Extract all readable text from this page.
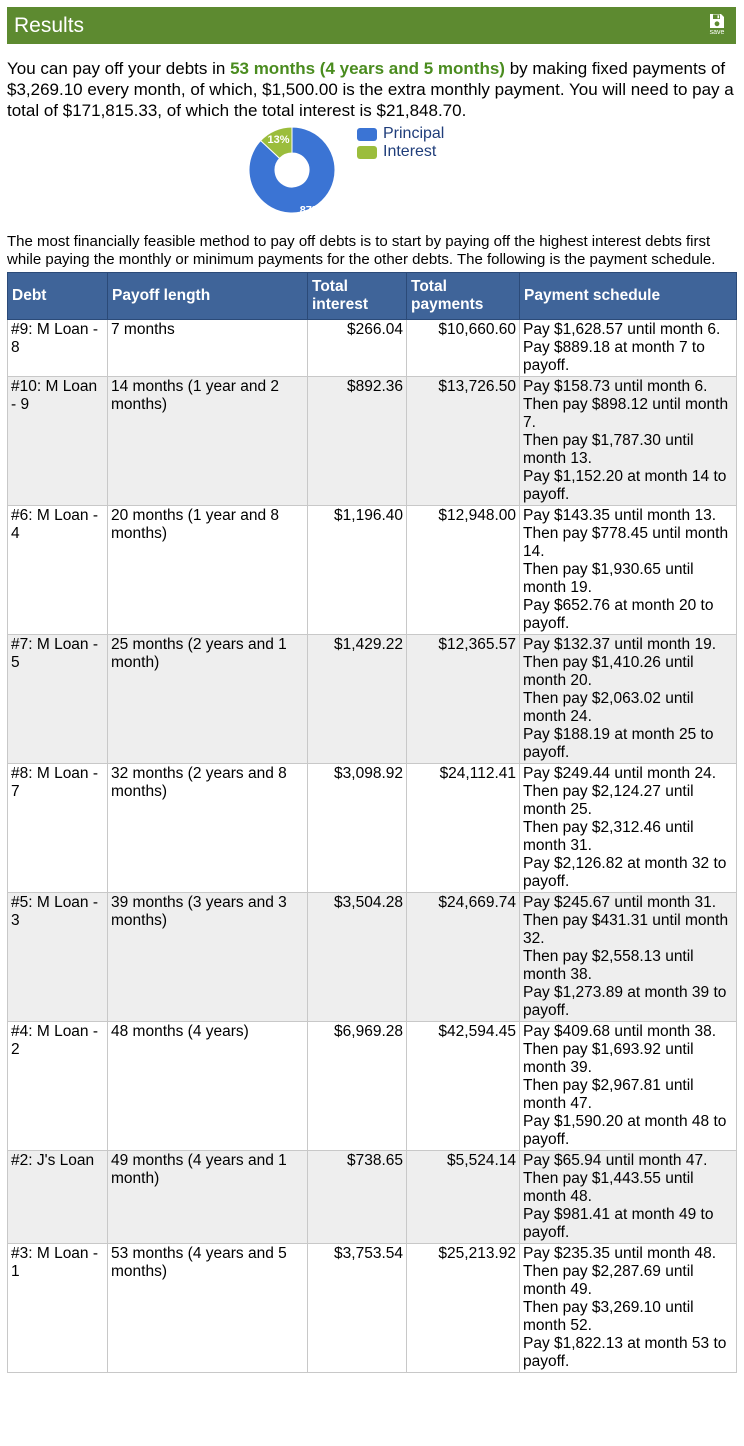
Results	save
You can pay off your debts in 53 months (4 years and 5 months) by making fixed payments of $3,269.10 every month, of which, $1,500.00 is the extra monthly payment. You will need to pay a total of $171,815.33, of which the total interest is $21,848.70.
87%
13%	Principal
Interest
The most financially feasible method to pay off debts is to start by paying off the highest interest debts first while paying the monthly or minimum payments for the other debts. The following is the payment schedule.
Debt	Payoff length	Total interest	Total payments	Payment schedule
#9: M Loan - 8	7 months	$266.04	$10,660.60	Pay $1,628.57 until month 6.
Pay $889.18 at month 7 to payoff.

#10: M Loan - 9	14 months (1 year and 2 months)	$892.36	$13,726.50	Pay $158.73 until month 6.
Then pay $898.12 until month 7.
Then pay $1,787.30 until month 13.
Pay $1,152.20 at month 14 to payoff.

#6: M Loan - 4	20 months (1 year and 8 months)	$1,196.40	$12,948.00	Pay $143.35 until month 13.
Then pay $778.45 until month 14.
Then pay $1,930.65 until month 19.
Pay $652.76 at month 20 to payoff.

#7: M Loan - 5	25 months (2 years and 1 month)	$1,429.22	$12,365.57	Pay $132.37 until month 19.
Then pay $1,410.26 until month 20.
Then pay $2,063.02 until month 24.
Pay $188.19 at month 25 to payoff.

#8: M Loan - 7	32 months (2 years and 8 months)	$3,098.92	$24,112.41	Pay $249.44 until month 24.
Then pay $2,124.27 until month 25.
Then pay $2,312.46 until month 31.
Pay $2,126.82 at month 32 to payoff.

#5: M Loan - 3	39 months (3 years and 3 months)	$3,504.28	$24,669.74	Pay $245.67 until month 31.
Then pay $431.31 until month 32.
Then pay $2,558.13 until month 38.
Pay $1,273.89 at month 39 to payoff.

#4: M Loan - 2	48 months (4 years)	$6,969.28	$42,594.45	Pay $409.68 until month 38.
Then pay $1,693.92 until month 39.
Then pay $2,967.81 until month 47.
Pay $1,590.20 at month 48 to payoff.

#2: J's Loan	49 months (4 years and 1 month)	$738.65	$5,524.14	Pay $65.94 until month 47.
Then pay $1,443.55 until month 48.
Pay $981.41 at month 49 to payoff.

#3: M Loan - 1	53 months (4 years and 5 months)	$3,753.54	$25,213.92	Pay $235.35 until month 48.
Then pay $2,287.69 until month 49.
Then pay $3,269.10 until month 52.
Pay $1,822.13 at month 53 to payoff.
